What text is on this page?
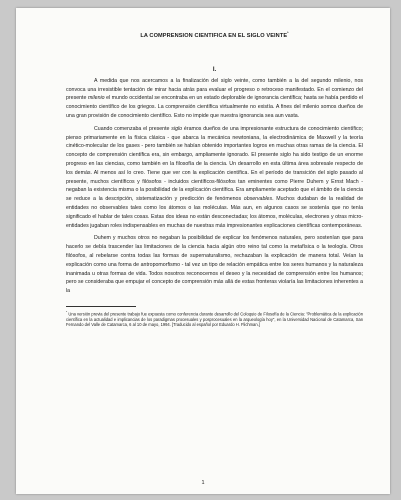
LA COMPRENSION CIENTIFICA EN EL SIGLO VEINTE*
I.

A medida que nos acercamos a la finalización del siglo veinte, como también a la del segundo milenio, nos convoca una irresistible tentación de mirar hacia atrás para evaluar el progreso o retroceso manifestado. En el comienzo del presente milenio el mundo occidental se encontraba en un estado deplorable de ignorancia científica; hasta se había perdido el conocimiento científico de los griegos. La comprensión científica virtualmente no existía. A fines del milenio somos dueños de una gran provisión de conocimiento científico. Esto no impide que nuestra ignorancia sea aun vasta.

Cuando comenzaba el presente siglo éramos dueños de una impresionante estructura de conocimiento científico; pienso primariamente en la física clásica - que abarca la mecánica newtoniana, la electrodinámica de Maxwell y la teoría cinético-molecular de los gases - pero también se habían obtenido importantes logros en muchas otras ramas de la ciencia. El concepto de comprensión científica era, sin embargo, ampliamente ignorado. El presente siglo ha sido testigo de un enorme progreso en las ciencias, como también en la filosofía de la ciencia. Un desarrollo en esta última área sobresale respecto de los demás. Al menos así lo creo. Tiene que ver con la explicación científica. En el período de transición del siglo pasado al presente, muchos científicos y filósofos - incluidos científicos-filósofos tan eminentes como Pierre Duhem y Ernst Mach - negaban la existencia misma o la posibilidad de la explicación científica. Era ampliamente aceptado que el ámbito de la ciencia se reduce a la descripción, sistematización y predicción de fenómenos observables. Muchos dudaban de la realidad de entidades no observables tales como los átomos o las moléculas. Más aun, en algunos casos se sostenía que no tenía significado el hablar de tales cosas. Estas dos ideas no están desconectadas; los átomos, moléculas, electrones y otras micro-entidades jugaban roles indispensables en muchas de nuestras más impresionantes explicaciones científicas contemporáneas.

Duhem y muchos otros no negaban la posibilidad de explicar los fenómenos naturales, pero sostenían que para hacerlo se debía trascender las limitaciones de la ciencia hacia algún otro reino tal como la metafísica o la teología. Otros filósofos, al rebelarse contra todas las formas de supernaturalismo, rechazaban la explicación de manera total. Veían la explicación como una forma de antropomorfismo - tal vez un tipo de relación empática entre los seres humanos y la naturaleza inanimada u otras formas de vida. Todos nosotros reconocemos el deseo y la necesidad de comprensión entre los humanos; pero se consideraba que empujar el concepto de comprensión más allá de estas fronteras violaría las limitaciones inherentes a la

* Una versión previa del presente trabajo fue expuesta como conferencia durante desarrollo del Coloquio de Filosofía de la Ciencia: "Problemática de la explicación científica en la actualidad e implicancias de los paradigmas procesuales y posprocesuales en la arqueología hoy", en la Universidad Nacional de Catamarca, San Fernando del Valle de Catamarca, 6 al 10 de mayo, 1994. [Traducido al español por Eduardo H. Flichman.]

1
